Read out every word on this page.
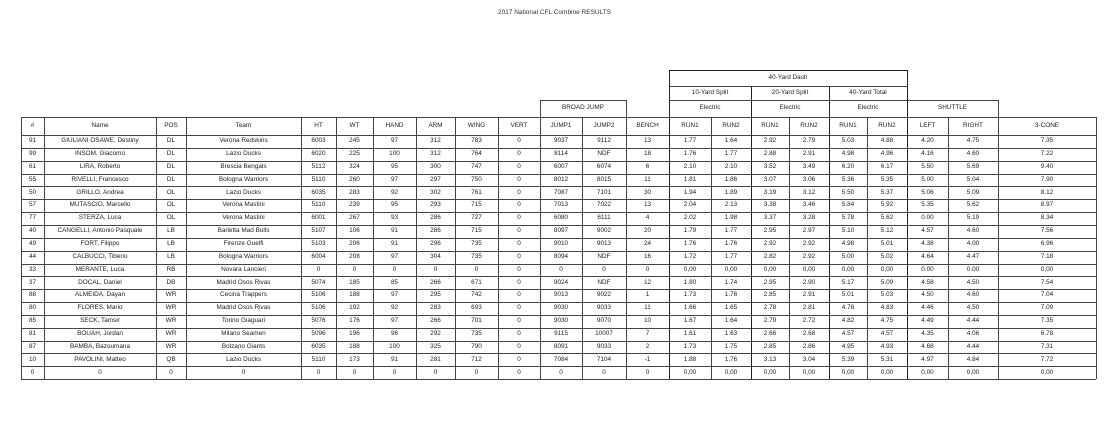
2017 National CFL Combine RESULTS
40-Yard Dash
10-Yard Split	20-Yard Split	40-Yard Total
Electric	Electric	Electric
BROAD JUMP	SHUTTLE
#	Name	POS	Team	HT	WT	HAND	ARM	WING	VERT	JUMP1	JUMP2	BENCH	RUN1	RUN2	RUN1	RUN2	RUN1	RUN2	LEFT	RIGHT	3-CONE
91	GIULIANI OSAWE, Destiny	DL	Verona Redskins	6003	245	97	312	783	0	9037	9112	13	1.77	1.64	2.92	2.79	5.03	4.88	4.20	4.75	7.35
99	INSOM, Giacomo	DL	Lazio Ducks	6020	225	100	312	764	0	8114	NDF	18	1.76	1.77	2.88	2.91	4.98	4.96	4.16	4.60	7.22
61	LIRA, Roberto	DL	Brescia Bengals	5112	324	95	300	747	0	6007	6074	6	2.10	2.10	3.52	3.49	6.20	6.17	5.50	5.69	9.40
55	RIVELLI, Francesco	DL	Bologna Warriors	5110	260	97	297	750	0	8012	8015	11	1.81	1.86	3.07	3.06	5.36	5.35	5.00	5.04	7.90
50	GRILLO, Andrea	OL	Lazio Ducks	6035	283	92	302	761	0	7087	7101	30	1.94	1.89	3.19	3.12	5.50	5.37	5.06	5.09	8.12
57	MUTASCIO, Marcello	OL	Verona Mastini	5110	239	95	293	715	0	7013	7022	13	2.04	2.13	3.38	3.46	5.84	5.92	5.35	5.62	8.97
77	STERZA, Luca	OL	Verona Mastini	6001	267	93	286	727	0	6080	6111	4	2.02	1.98	3.37	3.28	5.78	5.62	0.00	5.19	8.34
40	CANGELLI, Antonio Pasquale	LB	Barletta Mad Bulls	5107	106	91	286	715	0	8097	9002	20	1.79	1.77	2.95	2.97	5.10	5.12	4.57	4.60	7.56
49	FORT, Filippo	LB	Firenze Guelfi	5103	206	91	296	735	0	9010	9013	24	1.76	1.76	2.92	2.92	4.98	5.01	4.38	4.00	6.96
44	CALBUCCI, Tiberio	LB	Bologna Warriors	6004	208	97	304	735	0	8094	NDF	16	1.72	1.77	2.82	2.92	5.00	5.02	4.64	4.47	7.18
33	MERANTE, Luca	RB	Novara Lancieri	0	0	0	0	0	0	0	0	0	0,00	0,00	0,00	0,00	0,00	0,00	0.00	0.00	0,00
37	DOCAL, Daniel	DB	Madrid Osos Rivas	5074	185	85	266	671	0	9024	NDF	12	1.80	1.74	2.95	2.90	5.17	5.09	4.58	4.50	7.54
88	ALMEIDA, Dayan	WR	Cecina Trappers	5106	188	97	295	742	0	9013	9022	1	1.73	1.76	2.85	2.91	5.01	5.03	4.50	4.60	7.04
80	FLORES, Mario	WR	Madrid Osos Rivas	5106	192	92	283	693	0	9030	9033	11	1.66	1.65	2.78	2.81	4.78	4.83	4.46	4.50	7.09
85	SECK, Tamsir	WR	Torino Giaguari	5076	176	97	266	701	0	9030	9070	10	1.67	1.64	2.79	2.72	4.82	4.75	4.49	4.44	7.35
81	BOUAH, Jordan	WR	Milano Seamen	5096	196	96	292	735	0	9115	10007	7	1.61	1.63	2.66	2.68	4.57	4.57	4.35	4.06	6.78
87	BAMBA, Bazoumana	WR	Bolzano Giants	6035	188	100	325	790	0	8091	9033	2	1.73	1.75	2.85	2.86	4.95	4.93	4.68	4.44	7.31
10	PAVOLINI, Matteo	QB	Lazio Ducks	5110	173	91	281	712	0	7084	7104	-1	1.88	1.76	3.13	3.04	5.39	5.31	4.97	4.84	7.72
0	0	0	0	0	0	0	0	0	0	0	0	0	0,00	0,00	0,00	0,00	0,00	0,00	0,00	0,00	0,00
